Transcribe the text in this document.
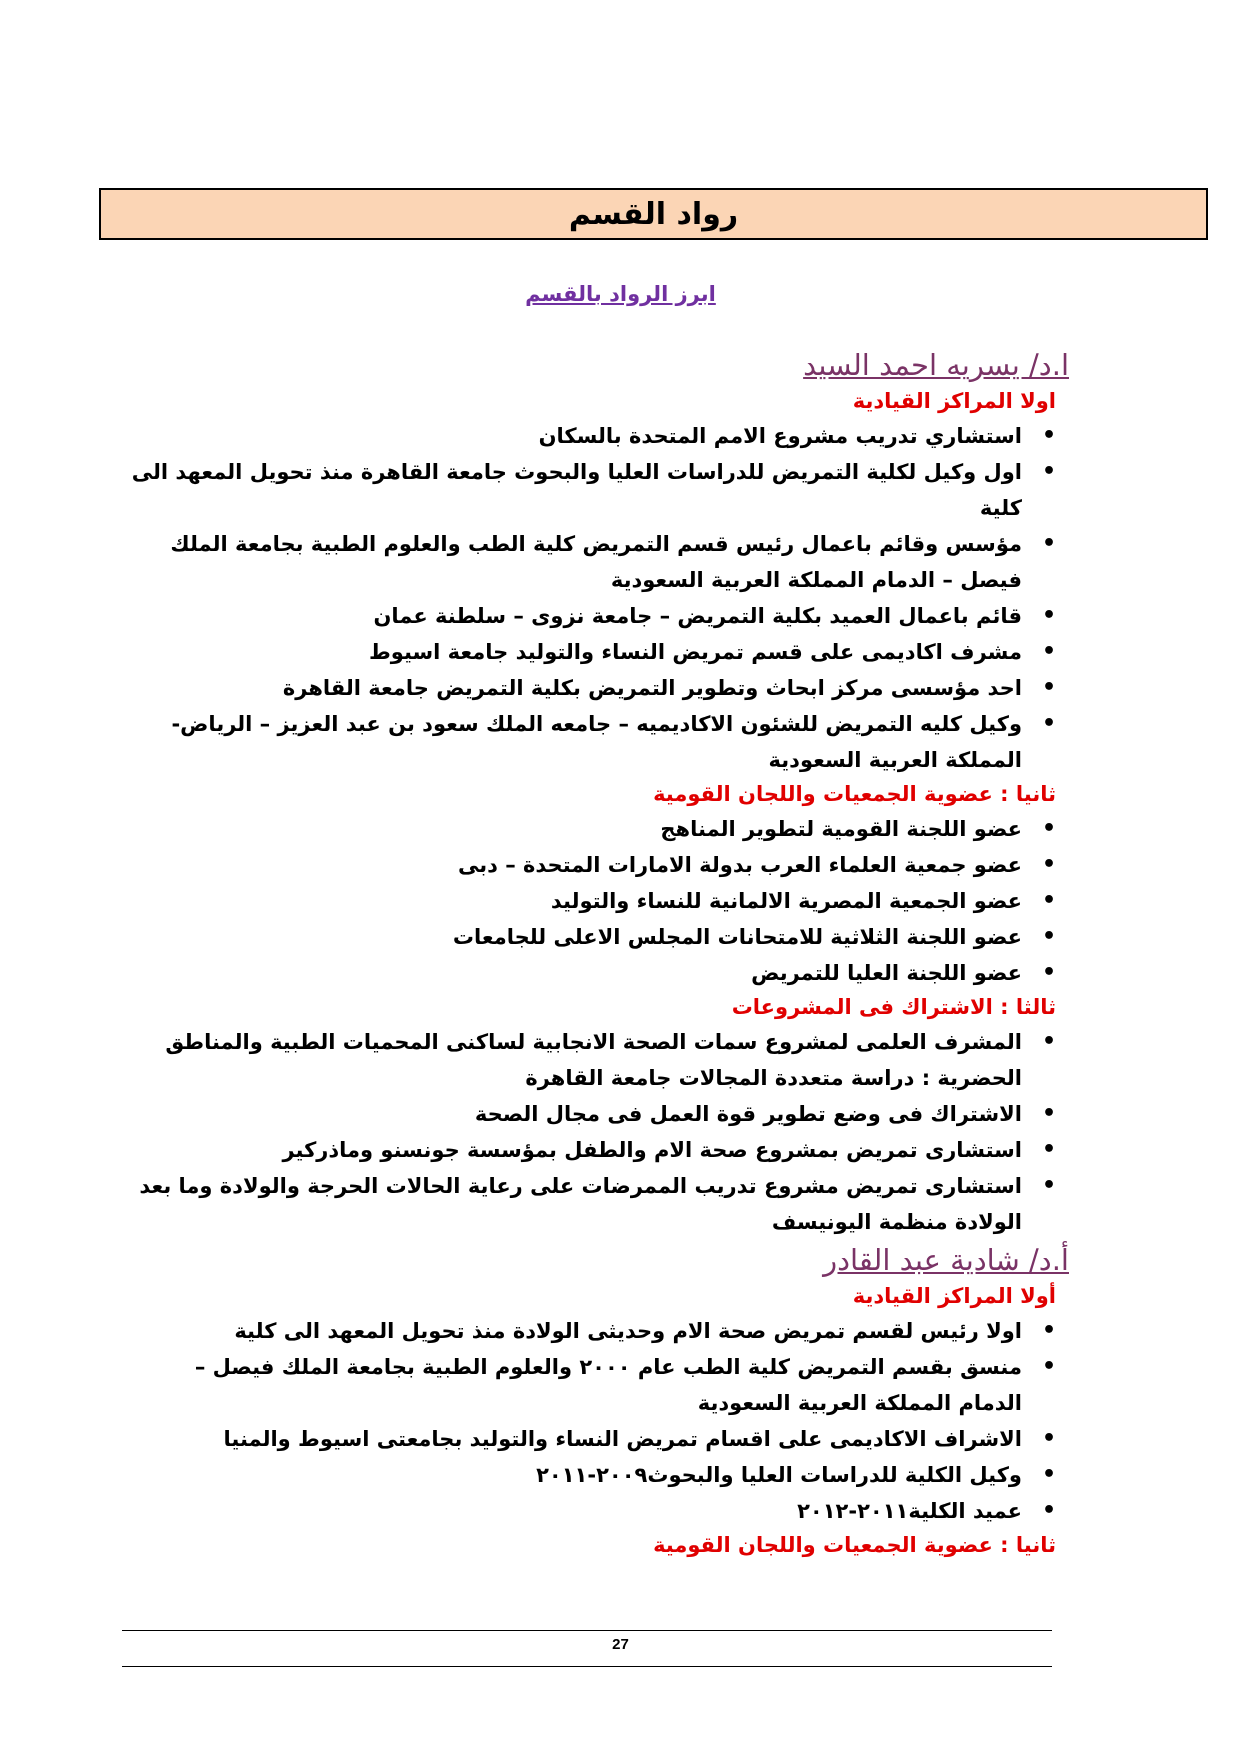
رواد القسم
ابرز الرواد بالقسم
ا.د/ يسريه احمد السيد
اولا المراكز القيادية
• استشاري تدريب مشروع الامم المتحدة بالسكان
• اول وكيل لكلية التمريض للدراسات العليا والبحوث جامعة القاهرة منذ تحويل المعهد الى كلية
• مؤسس وقائم باعمال رئيس قسم التمريض كلية الطب والعلوم الطبية بجامعة الملك فيصل – الدمام المملكة العربية السعودية
• قائم باعمال العميد بكلية التمريض – جامعة نزوى – سلطنة عمان
• مشرف اكاديمى على قسم تمريض النساء والتوليد جامعة اسيوط
• احد مؤسسى مركز ابحاث وتطوير التمريض بكلية التمريض جامعة القاهرة
• وكيل كليه التمريض للشئون الاكاديميه – جامعه الملك سعود بن عبد العزيز – الرياض- المملكة العربية السعودية
ثانيا : عضوية الجمعيات واللجان القومية
• عضو اللجنة القومية لتطوير المناهج
• عضو جمعية العلماء العرب بدولة الامارات المتحدة – دبى
• عضو الجمعية المصرية الالمانية للنساء والتوليد
• عضو اللجنة الثلاثية للامتحانات المجلس الاعلى للجامعات
• عضو اللجنة العليا للتمريض
ثالثا : الاشتراك فى المشروعات
• المشرف العلمى لمشروع سمات الصحة الانجابية لساكنى المحميات الطبية والمناطق الحضرية : دراسة متعددة المجالات جامعة القاهرة
• الاشتراك فى وضع تطوير قوة العمل فى مجال الصحة
• استشارى تمريض بمشروع صحة الام والطفل بمؤسسة جونسنو وماذركير
• استشارى تمريض مشروع تدريب الممرضات على رعاية الحالات الحرجة والولادة وما بعد الولادة منظمة اليونيسف
أ.د/ شادية عبد القادر
أولا المراكز القيادية
• اولا رئيس لقسم تمريض صحة الام وحديثى الولادة منذ تحويل المعهد الى كلية
• منسق بقسم التمريض كلية الطب عام ٢٠٠٠ والعلوم الطبية بجامعة الملك فيصل – الدمام المملكة العربية السعودية
• الاشراف الاكاديمى على اقسام تمريض النساء والتوليد بجامعتى اسيوط والمنيا
• وكيل الكلية للدراسات العليا والبحوث٢٠٠٩-٢٠١١
• عميد الكلية٢٠١١-٢٠١٢
ثانيا : عضوية الجمعيات واللجان القومية
27
